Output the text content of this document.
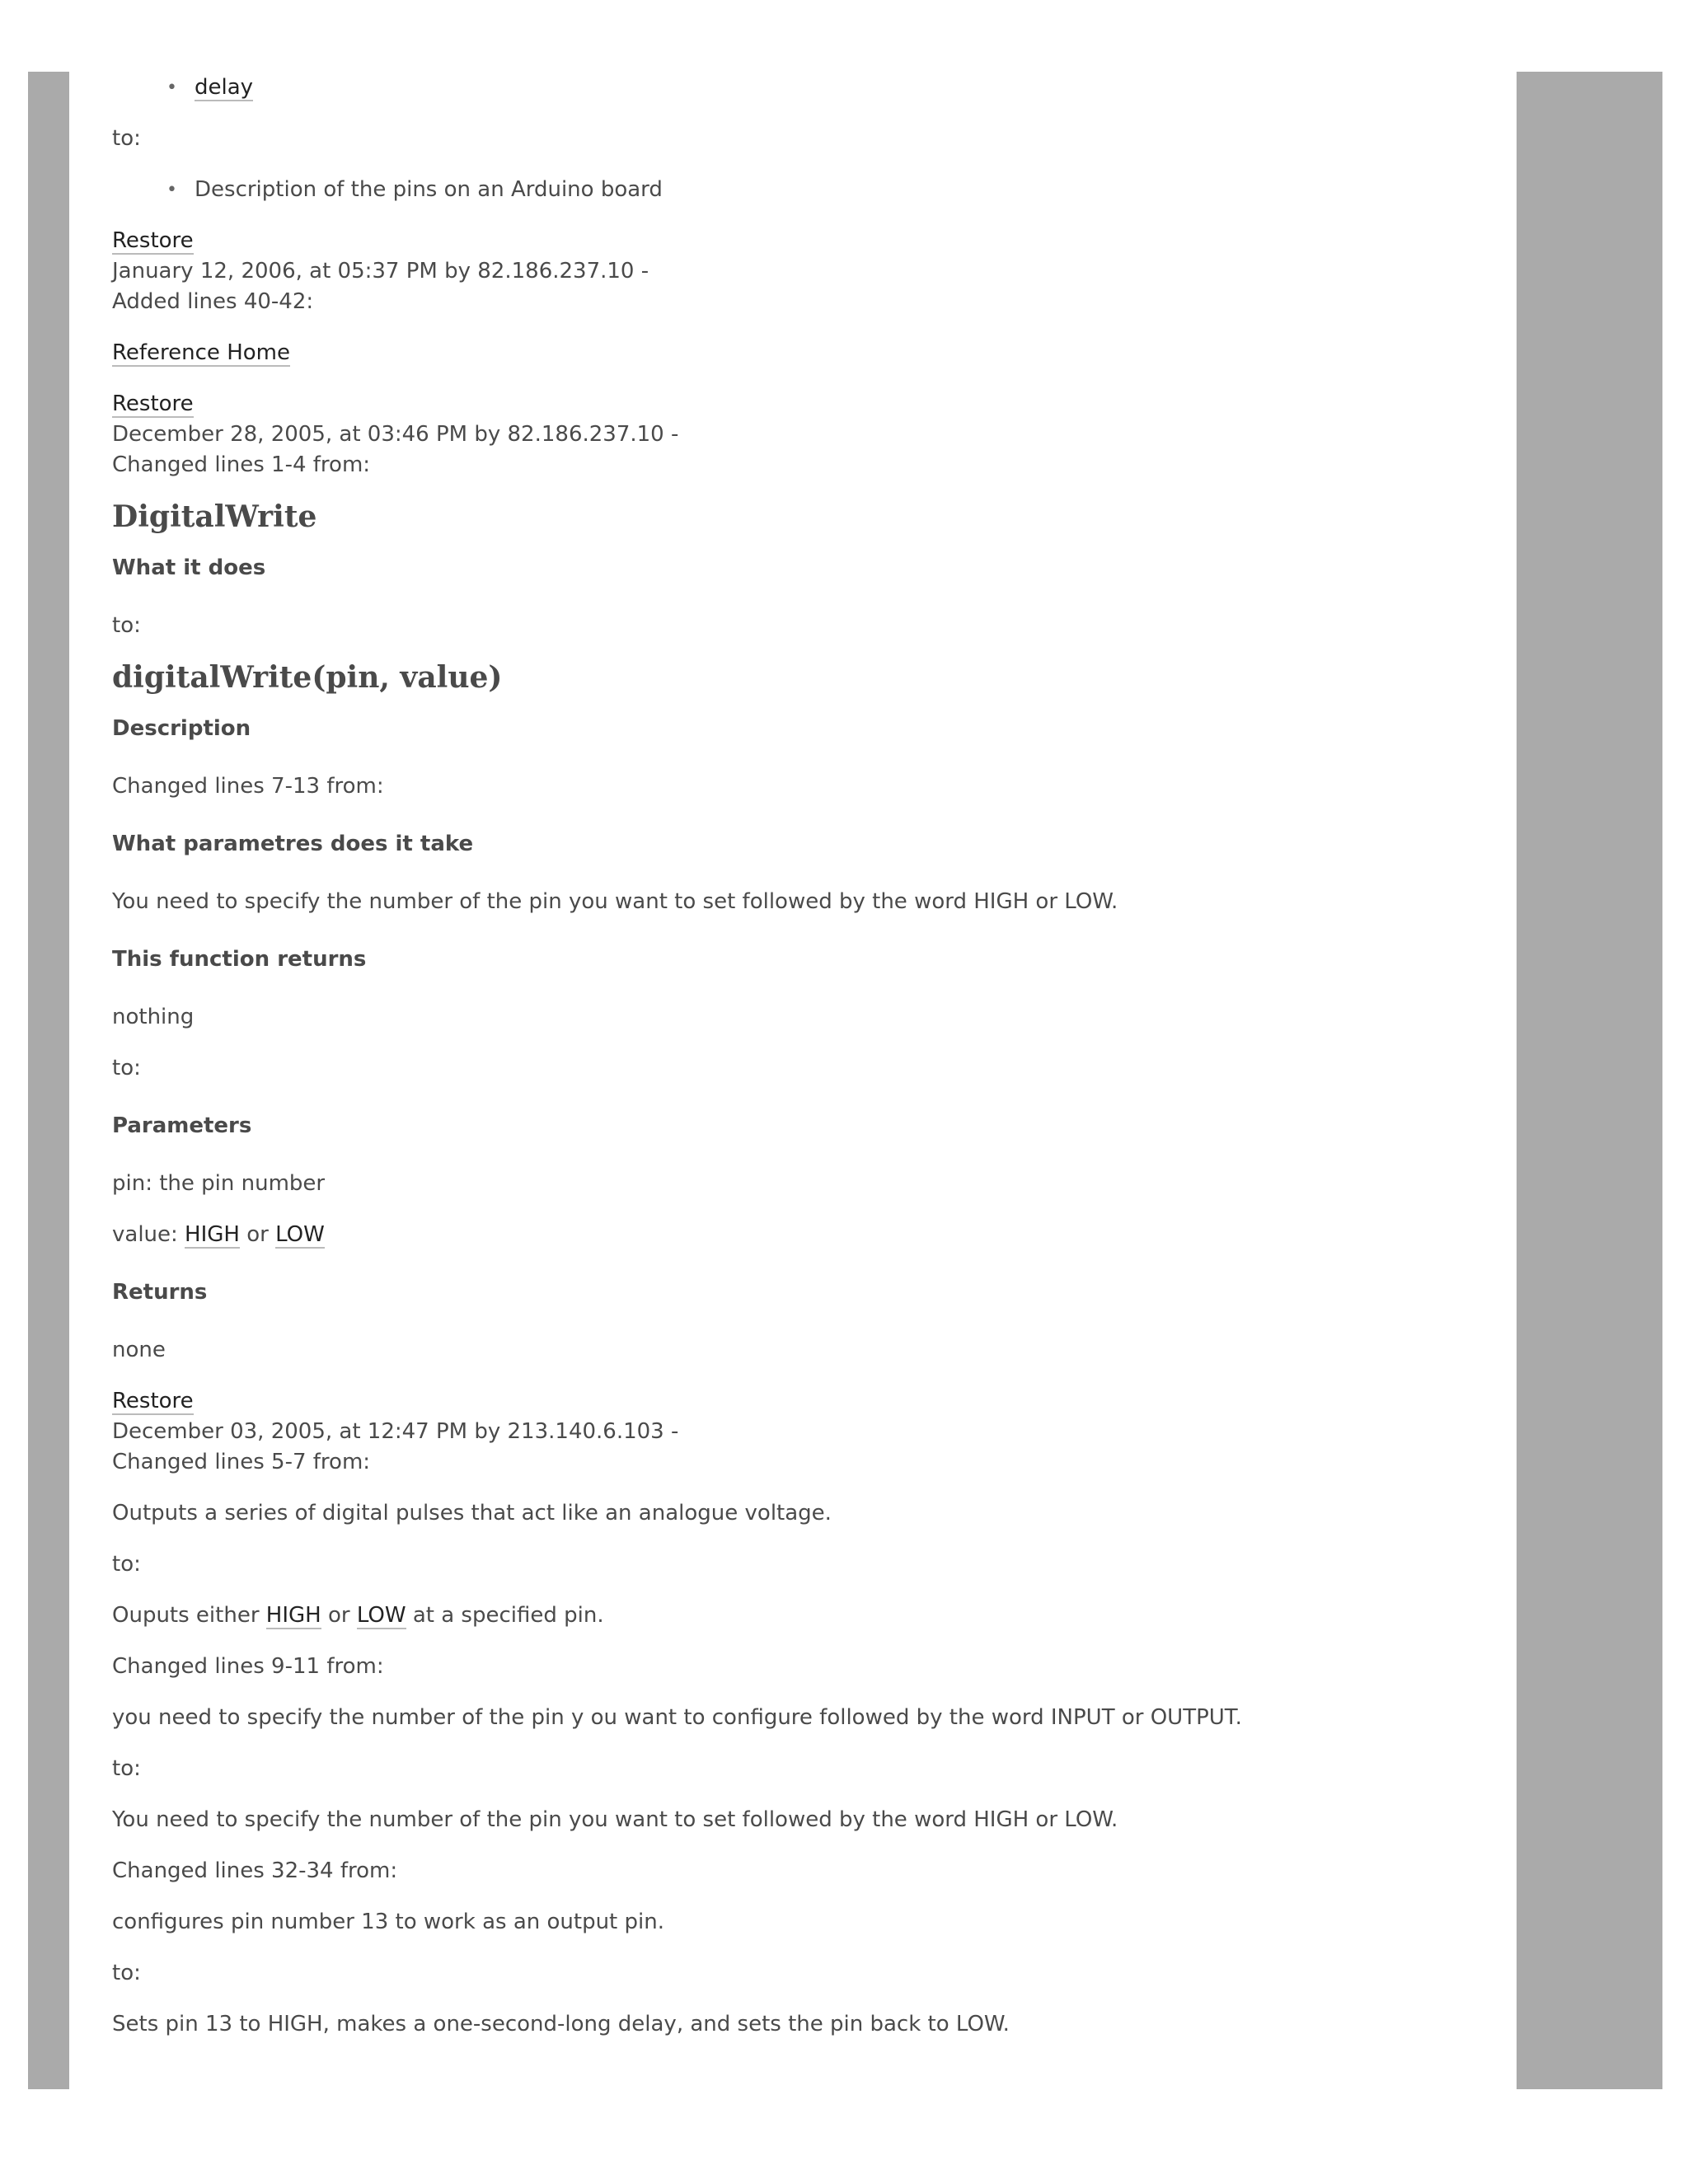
• delay

to:

• Description of the pins on an Arduino board

Restore
January 12, 2006, at 05:37 PM by 82.186.237.10 -
Added lines 40-42:

Reference Home

Restore
December 28, 2005, at 03:46 PM by 82.186.237.10 -
Changed lines 1-4 from:

DigitalWrite

What it does

to:

digitalWrite(pin, value)

Description

Changed lines 7-13 from:

What parametres does it take

You need to specify the number of the pin you want to set followed by the word HIGH or LOW.

This function returns

nothing

to:

Parameters

pin: the pin number

value: HIGH or LOW

Returns

none

Restore
December 03, 2005, at 12:47 PM by 213.140.6.103 -
Changed lines 5-7 from:

Outputs a series of digital pulses that act like an analogue voltage.

to:

Ouputs either HIGH or LOW at a specified pin.

Changed lines 9-11 from:

you need to specify the number of the pin y ou want to configure followed by the word INPUT or OUTPUT.

to:

You need to specify the number of the pin you want to set followed by the word HIGH or LOW.

Changed lines 32-34 from:

configures pin number 13 to work as an output pin.

to:

Sets pin 13 to HIGH, makes a one-second-long delay, and sets the pin back to LOW.
